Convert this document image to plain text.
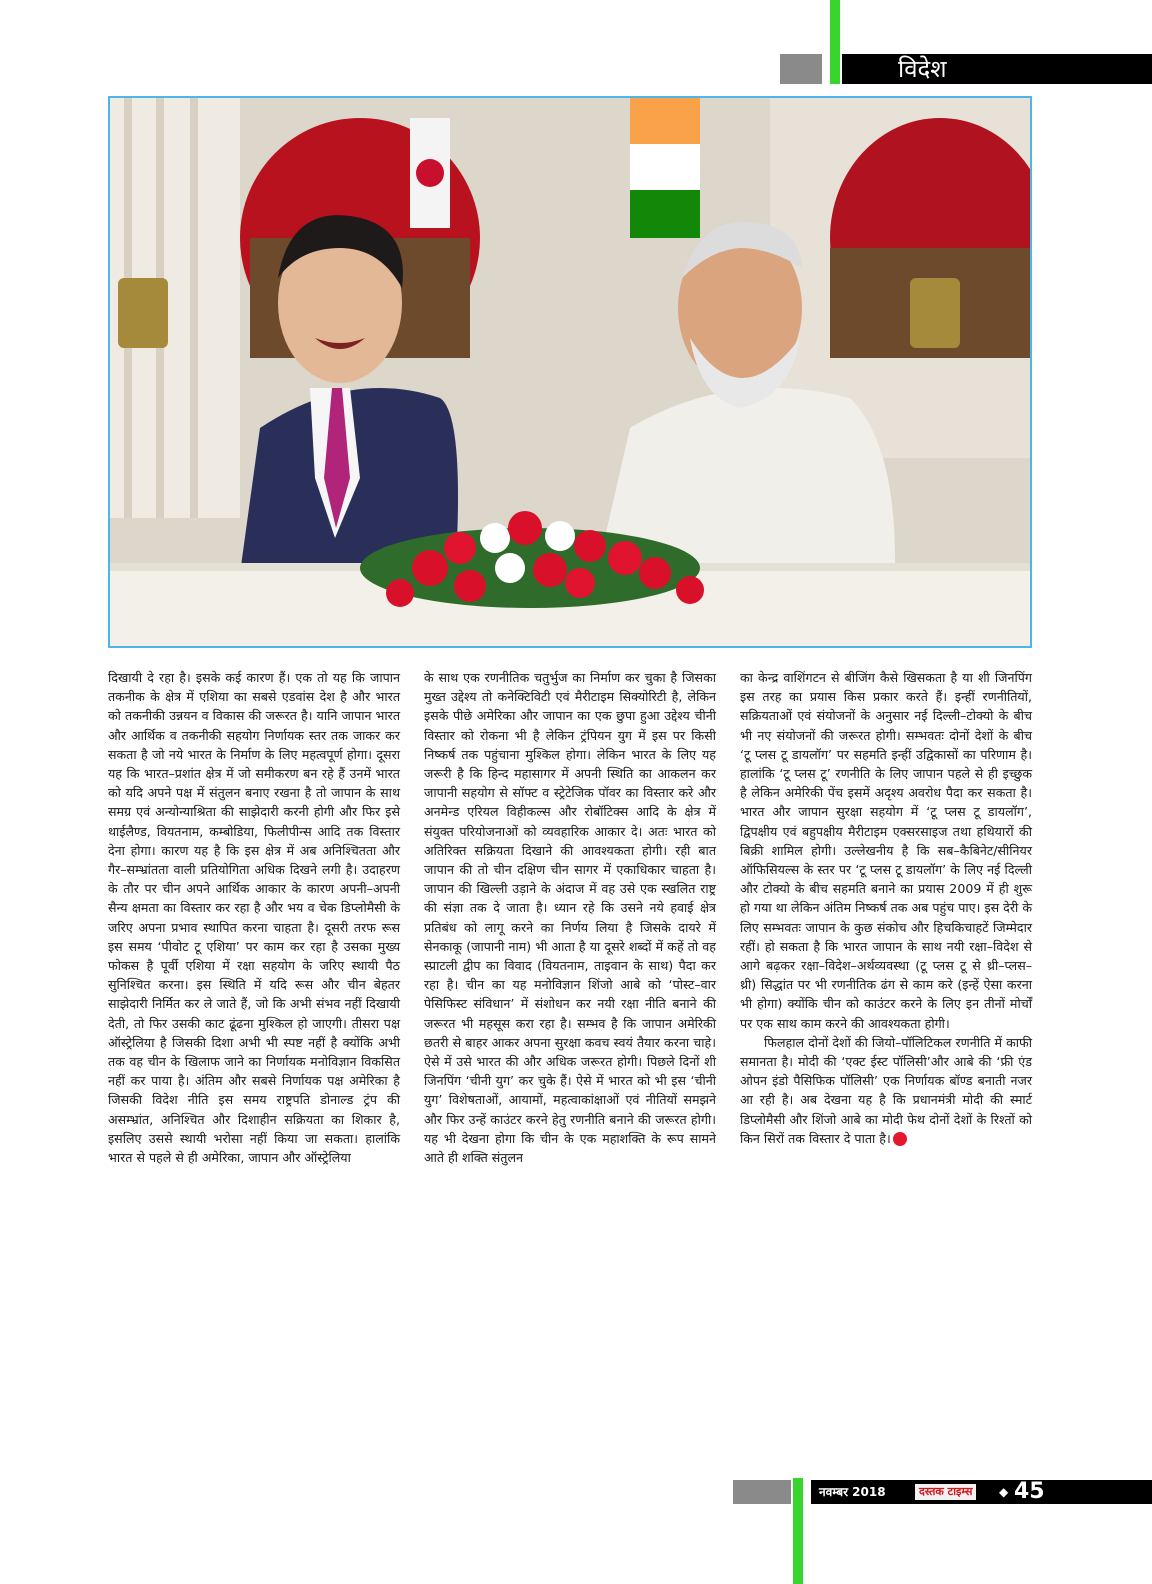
विदेश

दिखायी दे रहा है। इसके कई कारण हैं। एक तो यह कि जापान तकनीक के क्षेत्र में एशिया का सबसे एडवांस देश है और भारत को तकनीकी उन्नयन व विकास की जरूरत है। यानि जापान भारत और आर्थिक व तकनीकी सहयोग निर्णायक स्तर तक जाकर कर सकता है जो नये भारत के निर्माण के लिए महत्वपूर्ण होगा। दूसरा यह कि भारत–प्रशांत क्षेत्र में जो समीकरण बन रहे हैं उनमें भारत को यदि अपने पक्ष में संतुलन बनाए रखना है तो जापान के साथ समग्र एवं अन्योन्याश्रिता की साझेदारी करनी होगी और फिर इसे थाईलैण्ड, वियतनाम, कम्बोडिया, फिलीपीन्स आदि तक विस्तार देना होगा। कारण यह है कि इस क्षेत्र में अब अनिश्चितता और गैर–सम्भ्रांतता वाली प्रतियोगिता अधिक दिखने लगी है। उदाहरण के तौर पर चीन अपने आर्थिक आकार के कारण अपनी–अपनी सैन्य क्षमता का विस्तार कर रहा है और भय व चेक डिप्लोमैसी के जरिए अपना प्रभाव स्थापित करना चाहता है। दूसरी तरफ रूस इस समय ‘पीवोट टू एशिया’ पर काम कर रहा है उसका मुख्य फोकस है पूर्वी एशिया में रक्षा सहयोग के जरिए स्थायी पैठ सुनिश्चित करना। इस स्थिति में यदि रूस और चीन बेहतर साझेदारी निर्मित कर ले जाते हैं, जो कि अभी संभव नहीं दिखायी देती, तो फिर उसकी काट ढूंढना मुश्किल हो जाएगी। तीसरा पक्ष ऑस्ट्रेलिया है जिसकी दिशा अभी भी स्पष्ट नहीं है क्योंकि अभी तक वह चीन के खिलाफ जाने का निर्णायक मनोविज्ञान विकसित नहीं कर पाया है। अंतिम और सबसे निर्णायक पक्ष अमेरिका है जिसकी विदेश नीति इस समय राष्ट्रपति डोनाल्ड ट्रंप की असम्भ्रांत, अनिश्चित और दिशाहीन सक्रियता का शिकार है, इसलिए उससे स्थायी भरोसा नहीं किया जा सकता। हालांकि भारत से पहले से ही अमेरिका, जापान और ऑस्ट्रेलिया

के साथ एक रणनीतिक चतुर्भुज का निर्माण कर चुका है जिसका मुख्त उद्देश्य तो कनेक्टिविटी एवं मैरीटाइम सिक्योरिटी है, लेकिन इसके पीछे अमेरिका और जापान का एक छुपा हुआ उद्देश्य चीनी विस्तार को रोकना भी है लेकिन ट्रंपियन युग में इस पर किसी निष्कर्ष तक पहुंचाना मुश्किल होगा। लेकिन भारत के लिए यह जरूरी है कि हिन्द महासागर में अपनी स्थिति का आकलन कर जापानी सहयोग से सॉफ्ट व स्ट्रेटेजिक पॉवर का विस्तार करे और अनमेन्ड एरियल विहीकल्स और रोबॉटिक्स आदि के क्षेत्र में संयुक्त परियोजनाओं को व्यवहारिक आकार दे। अतः भारत को अतिरिक्त सक्रियता दिखाने की आवश्यकता होगी। रही बात जापान की तो चीन दक्षिण चीन सागर में एकाधिकार चाहता है। जापान की खिल्ली उड़ाने के अंदाज में वह उसे एक स्खलित राष्ट्र की संज्ञा तक दे जाता है। ध्यान रहे कि उसने नये हवाई क्षेत्र प्रतिबंध को लागू करने का निर्णय लिया है जिसके दायरे में सेनकाकू (जापानी नाम) भी आता है या दूसरे शब्दों में कहें तो वह स्प्राटली द्वीप का विवाद (वियतनाम, ताइवान के साथ) पैदा कर रहा है। चीन का यह मनोविज्ञान शिंजो आबे को ‘पोस्ट–वार पेसिफिस्ट संविधान’ में संशोधन कर नयी रक्षा नीति बनाने की जरूरत भी महसूस करा रहा है। सम्भव है कि जापान अमेरिकी छतरी से बाहर आकर अपना सुरक्षा कवच स्वयं तैयार करना चाहे। ऐसे में उसे भारत की और अधिक जरूरत होगी। पिछले दिनों शी जिनपिंग ‘चीनी युग’ कर चुके हैं। ऐसे में भारत को भी इस ‘चीनी युग’ विशेषताओं, आयामों, महत्वाकांक्षाओं एवं नीतियों समझने और फिर उन्हें काउंटर करने हेतु रणनीति बनाने की जरूरत होगी। यह भी देखना होगा कि चीन के एक महाशक्ति के रूप सामने आते ही शक्ति संतुलन

का केन्द्र वाशिंगटन से बीजिंग कैसे खिसकता है या शी जिनपिंग इस तरह का प्रयास किस प्रकार करते हैं। इन्हीं रणनीतियों, सक्रियताओं एवं संयोजनों के अनुसार नई दिल्ली–टोक्यो के बीच भी नए संयोजनों की जरूरत होगी। सम्भवतः दोनों देशों के बीच ‘टू प्लस टू डायलॉग’ पर सहमति इन्हीं उद्विकासों का परिणाम है। हालांकि ‘टू प्लस टू’ रणनीति के लिए जापान पहले से ही इच्छुक है लेकिन अमेरिकी पेंच इसमें अदृश्य अवरोध पैदा कर सकता है। भारत और जापान सुरक्षा सहयोग में ‘टू प्लस टू डायलॉग’, द्विपक्षीय एवं बहुपक्षीय मैरीटाइम एक्सरसाइज तथा हथियारों की बिक्री शामिल होगी। उल्लेखनीय है कि सब–कैबिनेट/सीनियर ऑफिसियल्स के स्तर पर ‘टू प्लस टू डायलॉग’ के लिए नई दिल्ली और टोक्यो के बीच सहमति बनाने का प्रयास 2009 में ही शुरू हो गया था लेकिन अंतिम निष्कर्ष तक अब पहुंच पाए। इस देरी के लिए सम्भवतः जापान के कुछ संकोच और हिचकिचाहटें जिम्मेदार रहीं। हो सकता है कि भारत जापान के साथ नयी रक्षा–विदेश से आगे बढ़कर रक्षा–विदेश–अर्थव्यवस्था (टू प्लस टू से थ्री–प्लस–थ्री) सिद्धांत पर भी रणनीतिक ढंग से काम करे (इन्हें ऐसा करना भी होगा) क्योंकि चीन को काउंटर करने के लिए इन तीनों मोर्चों पर एक साथ काम करने की आवश्यकता होगी।

फिलहाल दोनों देशों की जियो–पॉलिटिकल रणनीति में काफी समानता है। मोदी की ‘एक्ट ईस्ट पॉलिसी’और आबे की ‘फ्री एंड ओपन इंडो पैसिफिक पॉलिसी’ एक निर्णायक बॉण्ड बनाती नजर आ रही है। अब देखना यह है कि प्रधानमंत्री मोदी की स्मार्ट डिप्लोमैसी और शिंजो आबे का मोदी फेथ दोनों देशों के रिश्तों को किन सिरों तक विस्तार दे पाता है।

नवम्बर 2018	दस्तक टाइम्स	◆ 45
